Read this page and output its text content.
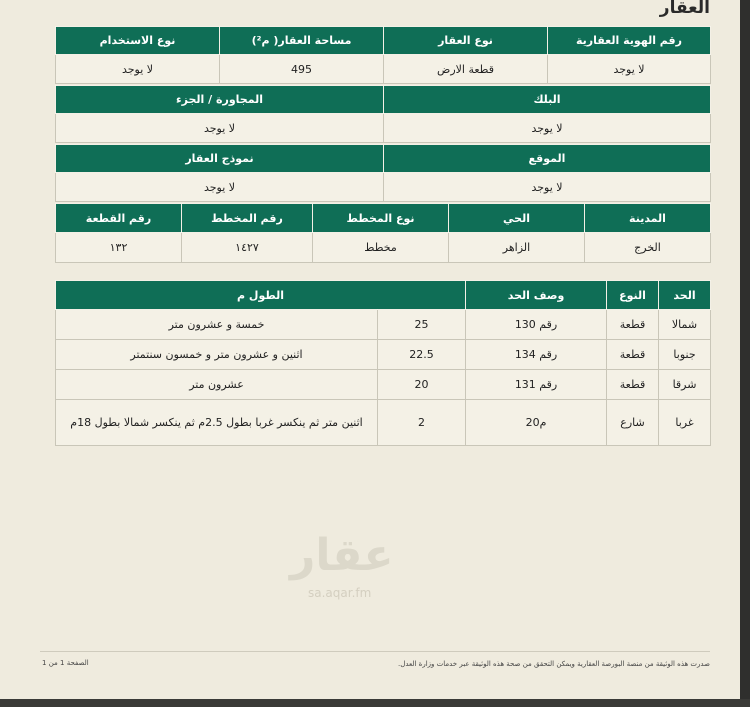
العقار
رقم الهوية العقارية	نوع العقار	مساحة العقار( م²)	نوع الاستخدام
لا يوجد	قطعة الارض	495	لا يوجد
البلك	المجاورة / الجزء
لا يوجد	لا يوجد
الموقع	نموذج العقار
لا يوجد	لا يوجد
المدينة	الحي	نوع المخطط	رقم المخطط	رقم القطعة
الخرج	الزاهر	مخطط	١٤٢٧	١٣٢
الحد	النوع	وصف الحد	الطول م	
شمالا	قطعة	رقم 130	25	خمسة و عشرون متر
جنوبا	قطعة	رقم 134	22.5	اثنين و عشرون متر و خمسون سنتمتر
شرقا	قطعة	رقم 131	20	عشرون متر
غربا	شارع	م20	2	اثنين متر ثم ينكسر غربا بطول 2.5م ثم ينكسر شمالا بطول 18م
عقار
sa.aqar.fm
صدرت هذه الوثيقة من منصة البورصة العقارية ويمكن التحقق من صحة هذه الوثيقة عبر خدمات وزارة العدل.
الصفحة 1 من 1
